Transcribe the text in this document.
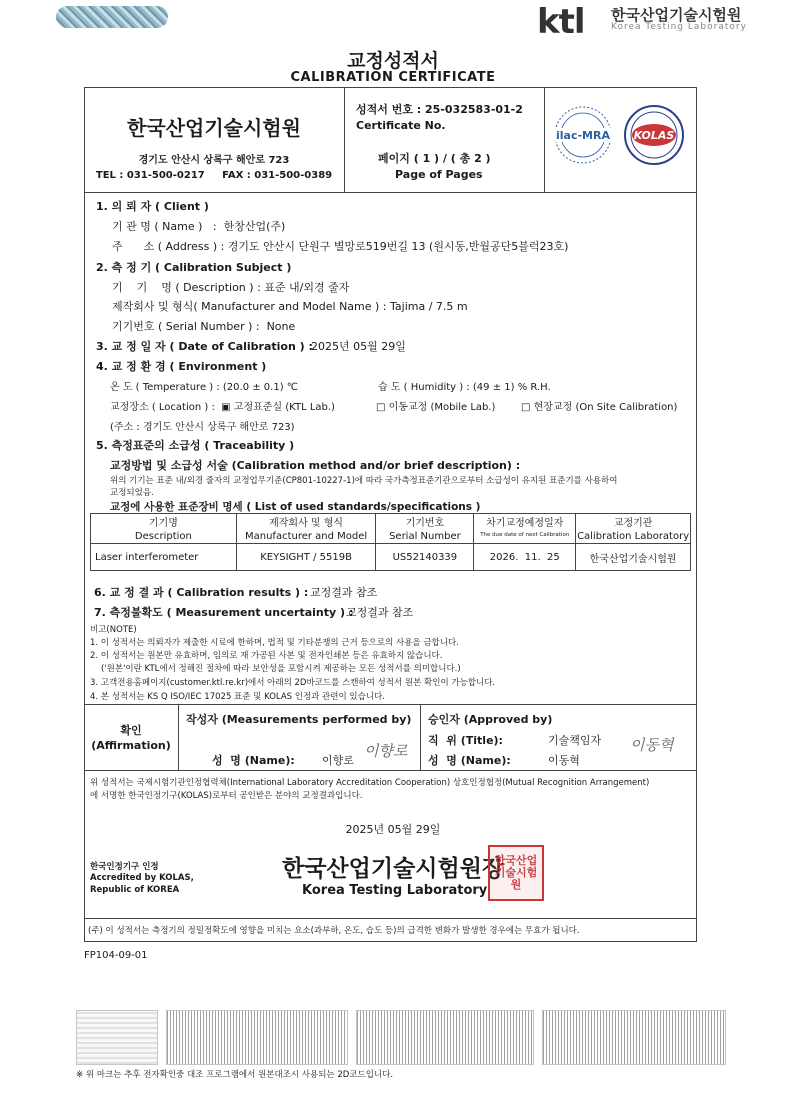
ktl 한국산업기술시험원
Korea Testing Laboratory
교정성적서
CALIBRATION CERTIFICATE
한국산업기술시험원
경기도 안산시 상록구 해안로 723
TEL : 031-500-0217     FAX : 031-500-0389
성적서 번호 : 25-032583-01-2
Certificate No.
페이지 ( 1 ) / ( 총 2 )
Page of Pages
ilac-MRA KOLAS
1. 의 뢰 자 ( Client )
기 관 명 ( Name )   :  한창산업(주)
주      소 ( Address ) : 경기도 안산시 단원구 별망로519번길 13 (원시동,반월공단5블럭23호)
2. 측 정 기 ( Calibration Subject )
기    기    명 ( Description ) : 표준 내/외경 줄자
제작회사 및 형식( Manufacturer and Model Name ) : Tajima / 7.5 m
기기번호 ( Serial Number ) :  None
3. 교 정 일 자 ( Date of Calibration ) :
2025년 05월 29일
4. 교 정 환 경 ( Environment )
온 도 ( Temperature ) : (20.0 ± 0.1) ℃	습 도 ( Humidity ) : (49 ± 1) % R.H.
교정장소 ( Location ) :  ▣ 고정표준실 (KTL Lab.)	□ 이동교정 (Mobile Lab.)	□ 현장교정 (On Site Calibration)
(주소 : 경기도 안산시 상록구 해안로 723)
5. 측정표준의 소급성 ( Traceability )
교정방법 및 소급성 서술 (Calibration method and/or brief description) :
위의 기기는 표준 내/외경 줄자의 교정업무기준(CP801-10227-1)에 따라 국가측정표준기관으로부터 소급성이 유지된 표준기를 사용하여
교정되었음.
교정에 사용한 표준장비 명세 ( List of used standards/specifications )
기기명	제작회사 및 형식	기기번호	차기교정예정일자	교정기관
Description	Manufacturer and Model	Serial Number	The due date of next Calibration	Calibration Laboratory
Laser interferometer	KEYSIGHT / 5519B	US52140339	2026.  11.  25	한국산업기술시험원
6. 교 정 결 과 ( Calibration results ) : 교정결과 참조
7. 측정불확도 ( Measurement uncertainty ) :
교정결과 참조
비고(NOTE)
1. 이 성적서는 의뢰자가 제출한 시료에 한하며, 법적 및 기타분쟁의 근거 등으로의 사용을 금합니다.
2. 이 성적서는 원본만 유효하며, 임의로 재 가공된 사본 및 전자인쇄본 등은 유효하지 않습니다.
('원본'이란 KTL에서 정해진 절차에 따라 보안성을 포함시켜 제공하는 모든 성적서를 의미합니다.)
3. 고객전용홈페이지(customer.ktl.re.kr)에서 아래의 2D바코드를 스캔하여 성적서 원본 확인이 가능합니다.
4. 본 성적서는 KS Q ISO/IEC 17025 표준 및 KOLAS 인정과 관련이 있습니다.
확인
(Affirmation)
작성자 (Measurements performed by)
성  명 (Name): 이향로
이향로
승인자 (Approved by)
직  위 (Title):	기술책임자
성  명 (Name):	이동혁
이동혁
위 성적서는 국제시험기관인정협력체(International Laboratory Accreditation Cooperation) 상호인정협정(Mutual Recognition Arrangement)
에 서명한 한국인정기구(KOLAS)로부터 공인받은 분야의 교정결과입니다.
2025년 05월 29일
한국인정기구 인정
Accredited by KOLAS,
Republic of KOREA
한국산업기술시험원장
Korea Testing Laboratory
한국산업기술시험원
(주) 이 성적서는 측정기의 정밀정확도에 영향을 미치는 요소(과부하, 온도, 습도 등)의 급격한 변화가 발생한 경우에는 무효가 됩니다.
FP104-09-01
※ 위 마크는 추후 전자확인중 대조 프로그램에서 원본대조시 사용되는 2D코드입니다.
